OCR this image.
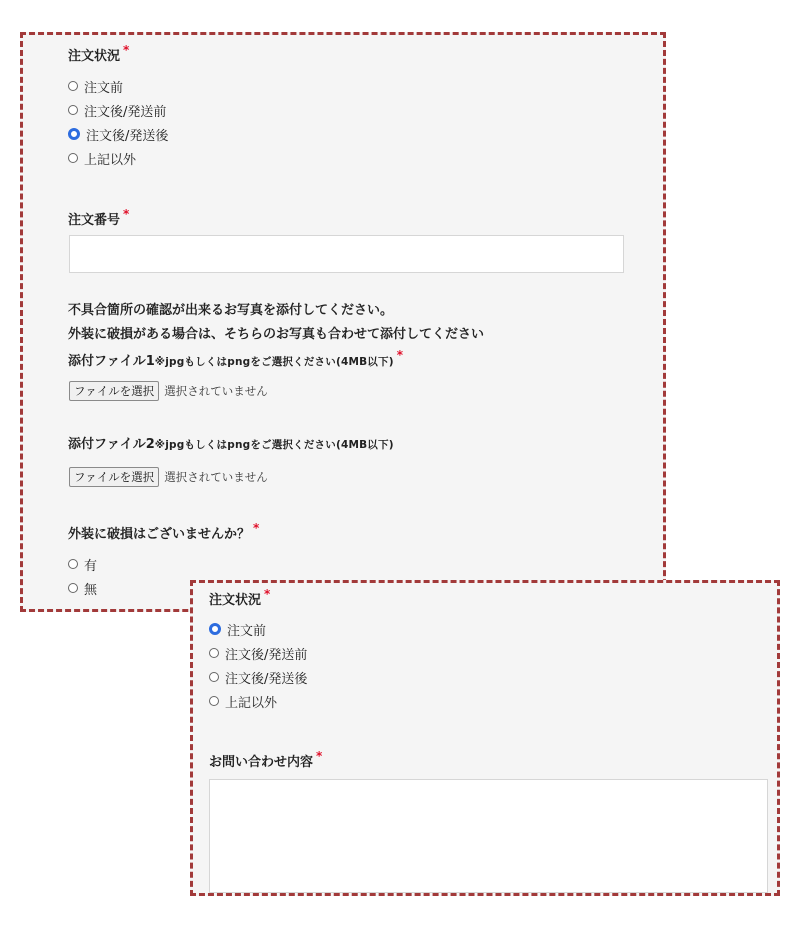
注文状況 *
注文前
注文後/発送前
注文後/発送後
上記以外
注文番号 *
不具合箇所の確認が出来るお写真を添付してください。
外装に破損がある場合は、そちらのお写真も合わせて添付してください
添付ファイル1※jpgもしくはpngをご選択ください(4MB以下) *
ファイルを選択 選択されていません
添付ファイル2※jpgもしくはpngをご選択ください(4MB以下)
ファイルを選択 選択されていません
外装に破損はございませんか？ *
有
無
注文状況 *
注文前
注文後/発送前
注文後/発送後
上記以外
お問い合わせ内容 *
